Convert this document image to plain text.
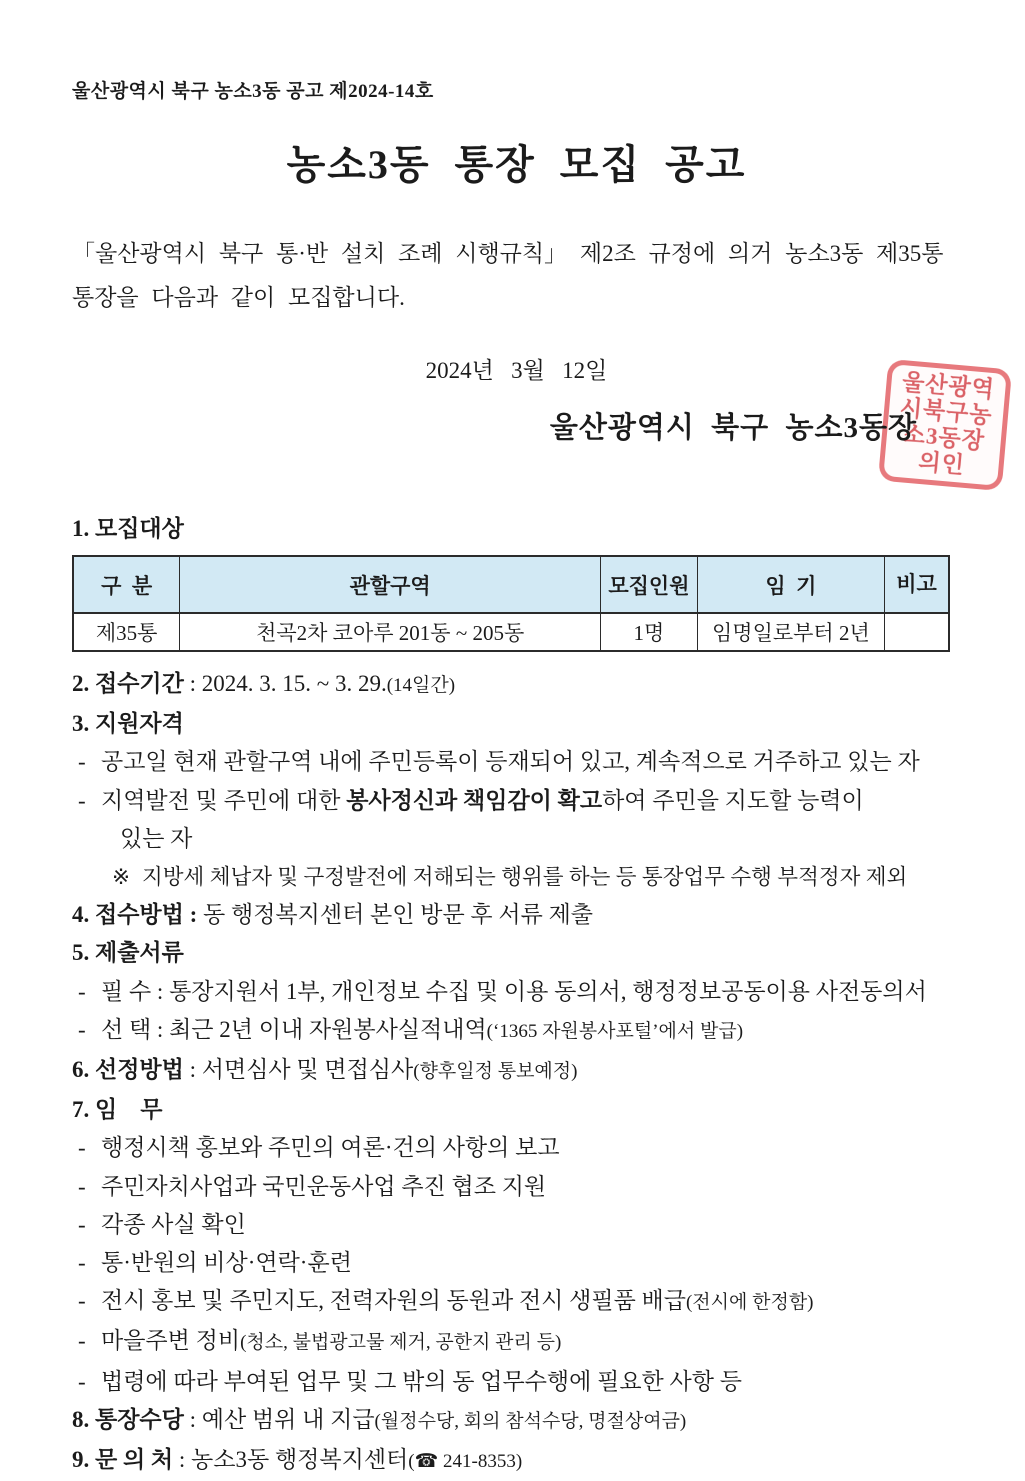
울산광역시 북구 농소3동 공고 제2024-14호
농소3동 통장 모집 공고
「울산광역시 북구 통·반 설치 조례 시행규칙」 제2조 규정에 의거 농소3동 제35통
통장을 다음과 같이 모집합니다.
2024년   3월   12일
울산광역시 북구 농소3동장
울산광역
시북구농
소3동장
의인
1. 모집대상
구  분	관할구역	모집인원	임  기	비고
제35통	천곡2차 코아루 201동 ~ 205동	1명	임명일로부터 2년	
2. 접수기간 : 2024. 3. 15. ~ 3. 29.(14일간)
3. 지원자격
- 공고일 현재 관할구역 내에 주민등록이 등재되어 있고, 계속적으로 거주하고 있는 자
- 지역발전 및 주민에 대한 봉사정신과 책임감이 확고하여 주민을 지도할 능력이
있는 자
※ 지방세 체납자 및 구정발전에 저해되는 행위를 하는 등 통장업무 수행 부적정자 제외
4. 접수방법 : 동 행정복지센터 본인 방문 후 서류 제출
5. 제출서류
- 필 수 : 통장지원서 1부, 개인정보 수집 및 이용 동의서, 행정정보공동이용 사전동의서
- 선 택 : 최근 2년 이내 자원봉사실적내역(‘1365 자원봉사포털’에서 발급)
6. 선정방법 : 서면심사 및 면접심사(향후일정 통보예정)
7. 임    무
- 행정시책 홍보와 주민의 여론·건의 사항의 보고
- 주민자치사업과 국민운동사업 추진 협조 지원
- 각종 사실 확인
- 통·반원의 비상·연락·훈련
- 전시 홍보 및 주민지도, 전력자원의 동원과 전시 생필품 배급(전시에 한정함)
- 마을주변 정비(청소, 불법광고물 제거, 공한지 관리 등)
- 법령에 따라 부여된 업무 및 그 밖의 동 업무수행에 필요한 사항 등
8. 통장수당 : 예산 범위 내 지급(월정수당, 회의 참석수당, 명절상여금)
9. 문 의 처 : 농소3동 행정복지센터(☎ 241-8353)
